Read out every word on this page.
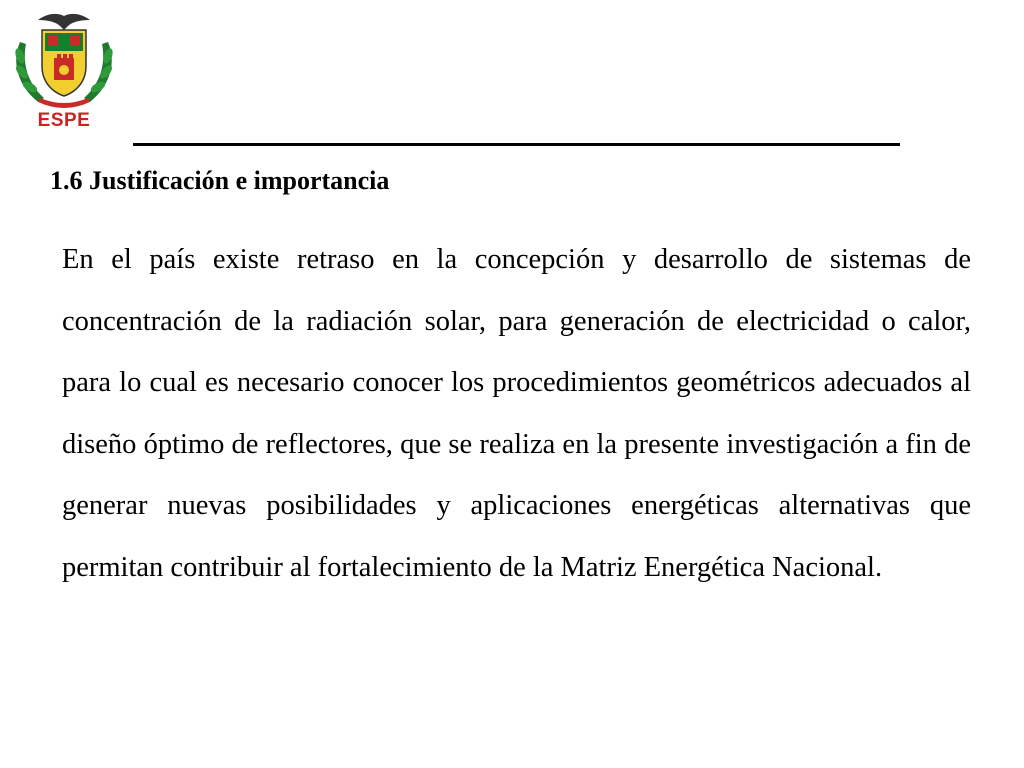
ESPE
1.6 Justificación e importancia

En el país existe retraso en la concepción y desarrollo de sistemas de concentración de la radiación solar, para generación de electricidad o calor, para lo cual es necesario conocer los procedimientos geométricos adecuados al diseño óptimo de reflectores, que se realiza en la presente investigación a fin de generar nuevas posibilidades y aplicaciones energéticas alternativas que permitan contribuir al fortalecimiento de la Matriz Energética Nacional.
